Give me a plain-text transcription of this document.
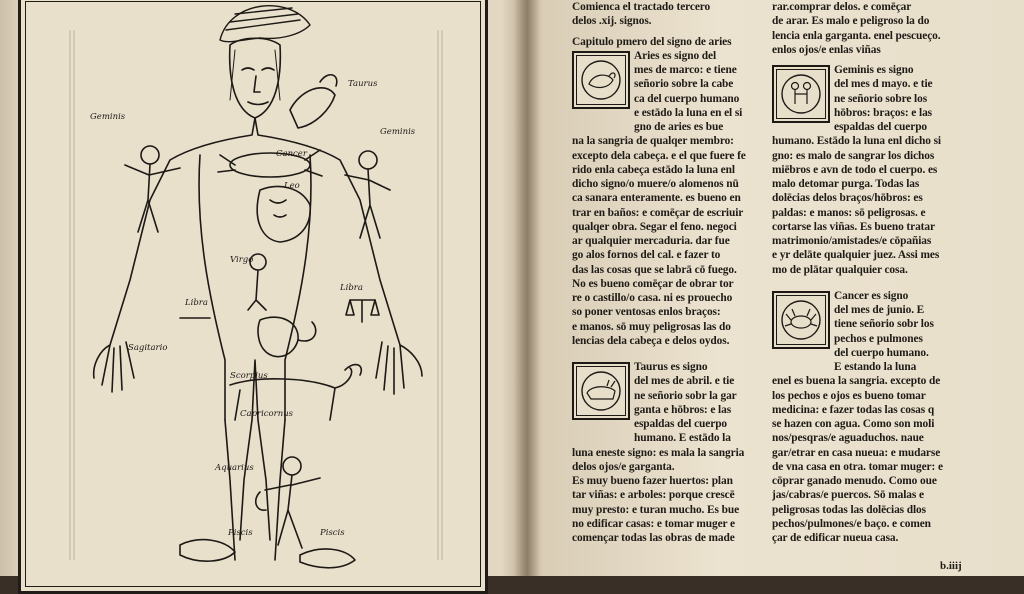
Taurus
Geminis
Geminis
Cancer
Leo
Virgo
Libra
Libra
Scorpius
Sagitario
Capricornus
Aquarius
Piscis	Piscis
Comienca el tractado tercero
delos .xij. signos.
Capitulo pmero del signo de aries
Aries es signo del
mes de marco: e tiene
señorio sobre la cabe
ca del cuerpo humano
e estādo la luna en el si
gno de aries es bue
na la sangria de qualqer membro:
excepto dela cabeça. e el que fuere fe
rido enla cabeça estādo la luna enl
dicho signo/o muere/o alomenos nū
ca sanara enteramente. es bueno en
trar en baños: e comēçar de escriuir
qualqer obra. Segar el feno. negoci
ar qualquier mercaduria. dar fue
go alos fornos del cal. e fazer to
das las cosas que se labrā cō fuego.
No es bueno comēçar de obrar tor
re o castillo/o casa. ni es prouecho
so poner ventosas enlos braços:
e manos. sō muy peligrosas las do
lencias dela cabeça e delos oydos.
Taurus es signo
del mes de abril. e tie
ne señorio sobr la gar
ganta e hōbros: e las
espaldas del cuerpo
humano. E estādo la
luna eneste signo: es mala la sangria
delos ojos/e garganta.
Es muy bueno fazer huertos: plan
tar viñas: e arboles: porque crescē
muy presto: e turan mucho. Es bue
no edificar casas: e tomar muger e
començar todas las obras de made
rar.comprar delos. e comēçar
de arar. Es malo e peligroso la do
lencia enla garganta. enel pescueço.
enlos ojos/e enlas viñas
Geminis es signo
del mes d mayo. e tie
ne señorio sobre los
hōbros: braços: e las
espaldas del cuerpo
humano. Estādo la luna enl dicho si
gno: es malo de sangrar los dichos
miēbros e avn de todo el cuerpo. es
malo detomar purga. Todas las
dolēcias delos braços/hōbros: es
paldas: e manos: sō peligrosas. e
cortarse las viñas. Es bueno tratar
matrimonio/amistades/e cōpañias
e yr delāte qualquier juez. Assi mes
mo de plātar qualquier cosa.
Cancer es signo
del mes de junio. E
tiene señorio sobr los
pechos e pulmones
del cuerpo humano.
E estando la luna
enel es buena la sangria. excepto de
los pechos e ojos es bueno tomar
medicina: e fazer todas las cosas q
se hazen con agua. Como son moli
nos/pesqras/e aguaduchos. naue
gar/etrar en casa nueua: e mudarse
de vna casa en otra. tomar muger: e
cōprar ganado menudo. Como oue
jas/cabras/e puercos. Sō malas e
peligrosas todas las dolēcias dlos
pechos/pulmones/e baço. e comen
çar de edificar nueua casa.
b.iiij
